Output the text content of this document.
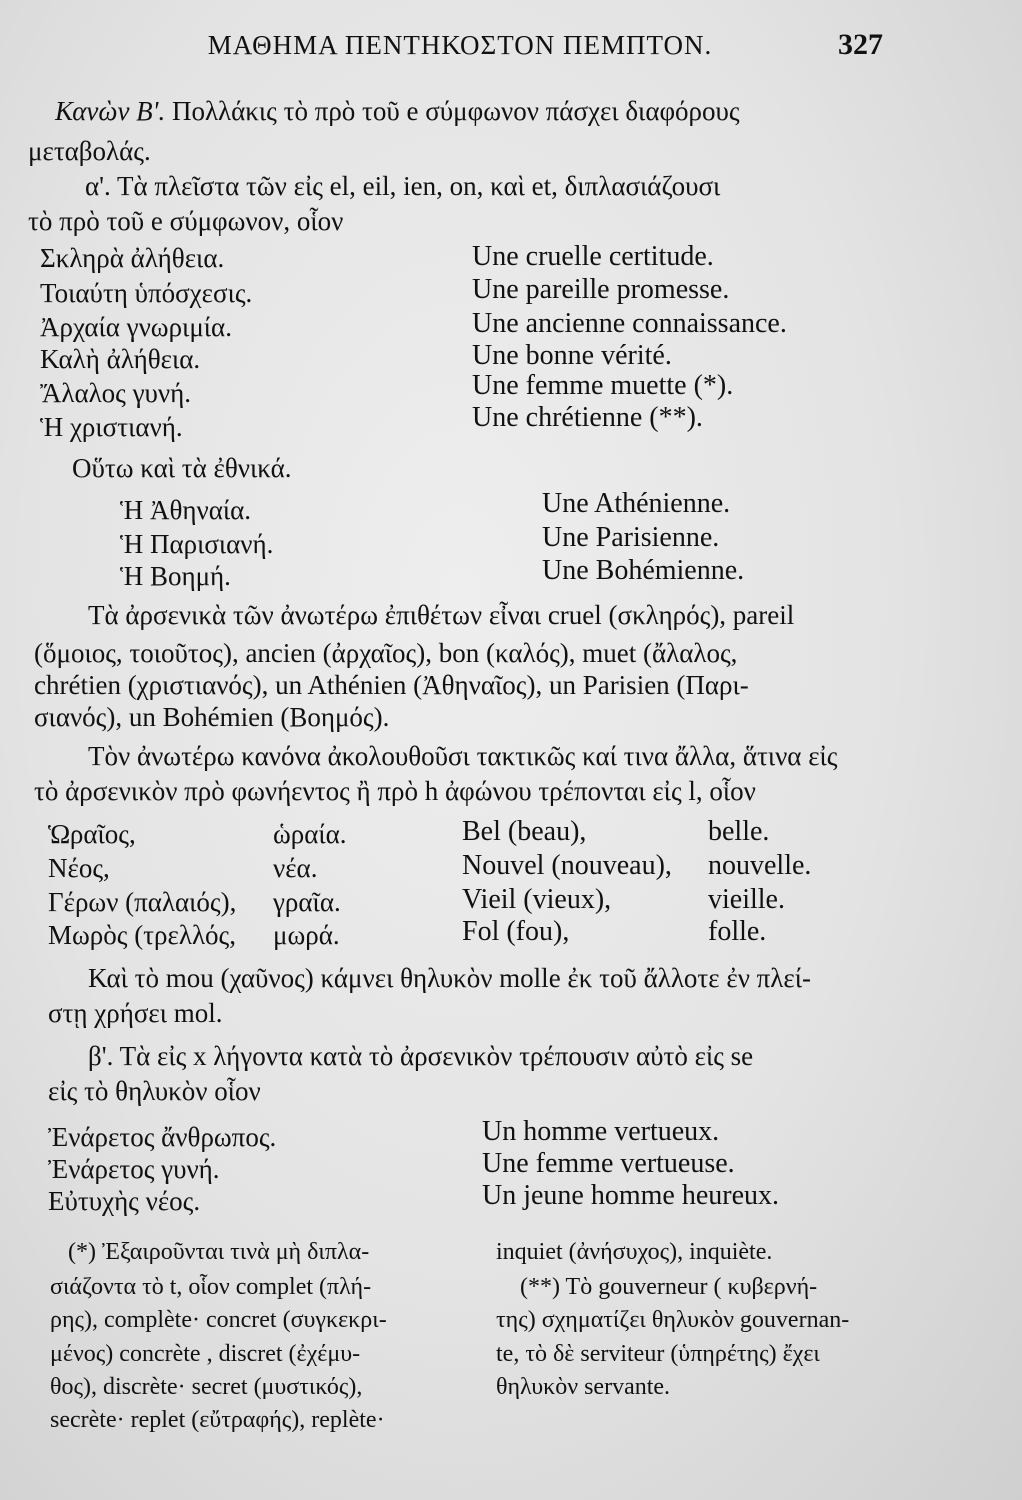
ΜΑΘΗΜΑ ΠΕΝΤΗΚΟΣΤΟΝ ΠΕΜΠΤΟΝ.	327
Κανὼν Β'. Πολλάκις τὸ πρὸ τοῦ e σύμφωνον πάσχει διαφόρους
μεταβολάς.
α'. Τὰ πλεῖστα τῶν εἰς el, eil, ien, on, καὶ et, διπλασιάζουσι
τὸ πρὸ τοῦ e σύμφωνον, οἷον
Σκληρὰ ἀλήθεια.	Une cruelle certitude.
Τοιαύτη ὑπόσχεσις.	Une pareille promesse.
Ἀρχαία γνωριμία.	Une ancienne connaissance.
Καλὴ ἀλήθεια.	Une bonne vérité.
Ἄλαλος γυνή.	Une femme muette (*).
Ἡ χριστιανή.	Une chrétienne (**).
Οὕτω καὶ τὰ ἐθνικά.
Ἡ Ἀθηναία.	Une Athénienne.
Ἡ Παρισιανή.	Une Parisienne.
Ἡ Βοημή.	Une Bohémienne.
Τὰ ἀρσενικὰ τῶν ἀνωτέρω ἐπιθέτων εἶναι cruel (σκληρός), pareil
(ὅμοιος, τοιοῦτος), ancien (ἀρχαῖος), bon (καλός), muet (ἄλαλος,
chrétien (χριστιανός), un Athénien (Ἀθηναῖος), un Parisien (Παρι-
σιανός), un Bohémien (Βοημός).
Τὸν ἀνωτέρω κανόνα ἀκολουθοῦσι τακτικῶς καί τινα ἄλλα, ἅτινα εἰς
τὸ ἀρσενικὸν πρὸ φωνήεντος ἢ πρὸ h ἀφώνου τρέπονται εἰς l, οἷον
Ὡραῖος,	ὡραία.	Bel (beau),	belle.
Νέος,	νέα.	Nouvel (nouveau), nouvelle.
Γέρων (παλαιός), γραῖα.	Vieil (vieux),	vieille.
Μωρὸς (τρελλός, μωρά.	Fol (fou),	folle.
Καὶ τὸ mou (χαῦνος) κάμνει θηλυκὸν molle ἐκ τοῦ ἄλλοτε ἐν πλεί-
στῃ χρήσει mol.
β'. Τὰ εἰς x λήγοντα κατὰ τὸ ἀρσενικὸν τρέπουσιν αὐτὸ εἰς se
εἰς τὸ θηλυκὸν οἷον
Ἐνάρετος ἄνθρωπος.	Un homme vertueux.
Ἐνάρετος γυνή.	Une femme vertueuse.
Εὐτυχὴς νέος.	Un jeune homme heureux.
(*) Ἐξαιροῦνται τινὰ μὴ διπλα-
σιάζοντα τὸ t, οἷον complet (πλή-
ρης), complète· concret (συγκεκρι-
μένος) concrète , discret (ἐχέμυ-
θος), discrète· secret (μυστικός),
secrète· replet (εὔτραφής), replète·
inquiet (ἀνήσυχος), inquiète.
(**) Τὸ gouverneur ( κυβερνή-
της) σχηματίζει θηλυκὸν gouvernan-
te, τὸ δὲ serviteur (ὑπηρέτης) ἔχει
θηλυκὸν servante.
